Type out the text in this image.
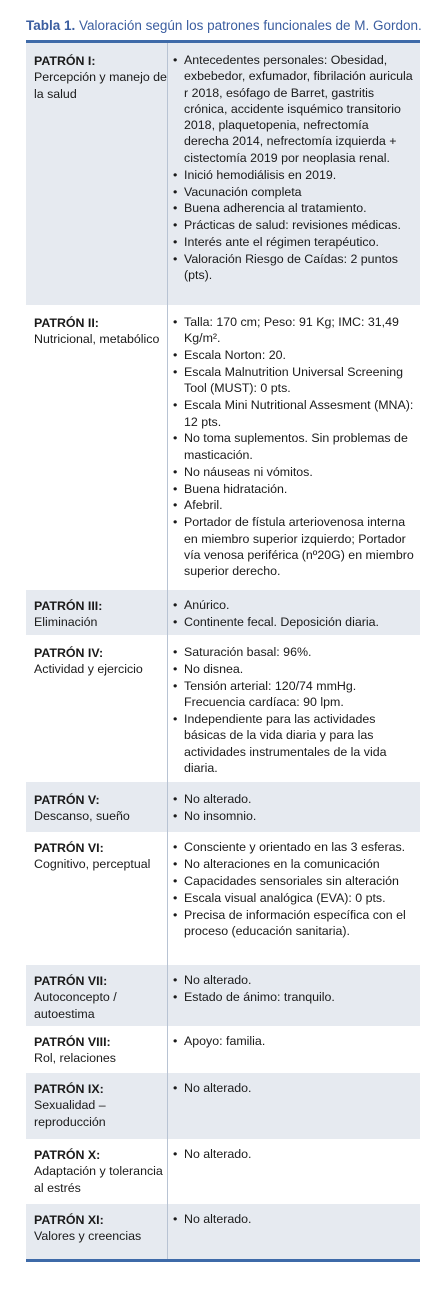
Tabla 1. Valoración según los patrones funcionales de M. Gordon.
PATRÓN I:
Percepción y manejo de la salud
• Antecedentes personales: Obesidad, exbebedor, exfumador, fibrilación auricula r 2018, esófago de Barret, gastritis crónica, accidente isquémico transitorio 2018, plaquetopenia, nefrectomía derecha 2014, nefrectomía izquierda + cistectomía 2019 por neoplasia renal.
• Inició hemodiálisis en 2019.
• Vacunación completa
• Buena adherencia al tratamiento.
• Prácticas de salud: revisiones médicas.
• Interés ante el régimen terapéutico.
• Valoración Riesgo de Caídas: 2 puntos (pts).
PATRÓN II:
Nutricional, metabólico
• Talla: 170 cm; Peso: 91 Kg; IMC: 31,49 Kg/m².
• Escala Norton: 20.
• Escala Malnutrition Universal Screening Tool (MUST): 0 pts.
• Escala Mini Nutritional Assesment (MNA): 12 pts.
• No toma suplementos. Sin problemas de masticación.
• No náuseas ni vómitos.
• Buena hidratación.
• Afebril.
• Portador de fístula arteriovenosa interna en miembro superior izquierdo; Portador vía venosa periférica (nº20G) en miembro superior derecho.
PATRÓN III:
Eliminación
• Anúrico.
• Continente fecal. Deposición diaria.
PATRÓN IV:
Actividad y ejercicio
• Saturación basal: 96%.
• No disnea.
• Tensión arterial: 120/74 mmHg. Frecuencia cardíaca: 90 lpm.
• Independiente para las actividades básicas de la vida diaria y para las actividades instrumentales de la vida diaria.
PATRÓN V:
Descanso, sueño
• No alterado.
• No insomnio.
PATRÓN VI:
Cognitivo, perceptual
• Consciente y orientado en las 3 esferas.
• No alteraciones en la comunicación
• Capacidades sensoriales sin alteración
• Escala visual analógica (EVA): 0 pts.
• Precisa de información específica con el proceso (educación sanitaria).
PATRÓN VII:
Autoconcepto / autoestima
• No alterado.
• Estado de ánimo: tranquilo.
PATRÓN VIII:
Rol, relaciones
• Apoyo: familia.
PATRÓN IX:
Sexualidad – reproducción
• No alterado.
PATRÓN X:
Adaptación y tolerancia al estrés
• No alterado.
PATRÓN XI:
Valores y creencias
• No alterado.
